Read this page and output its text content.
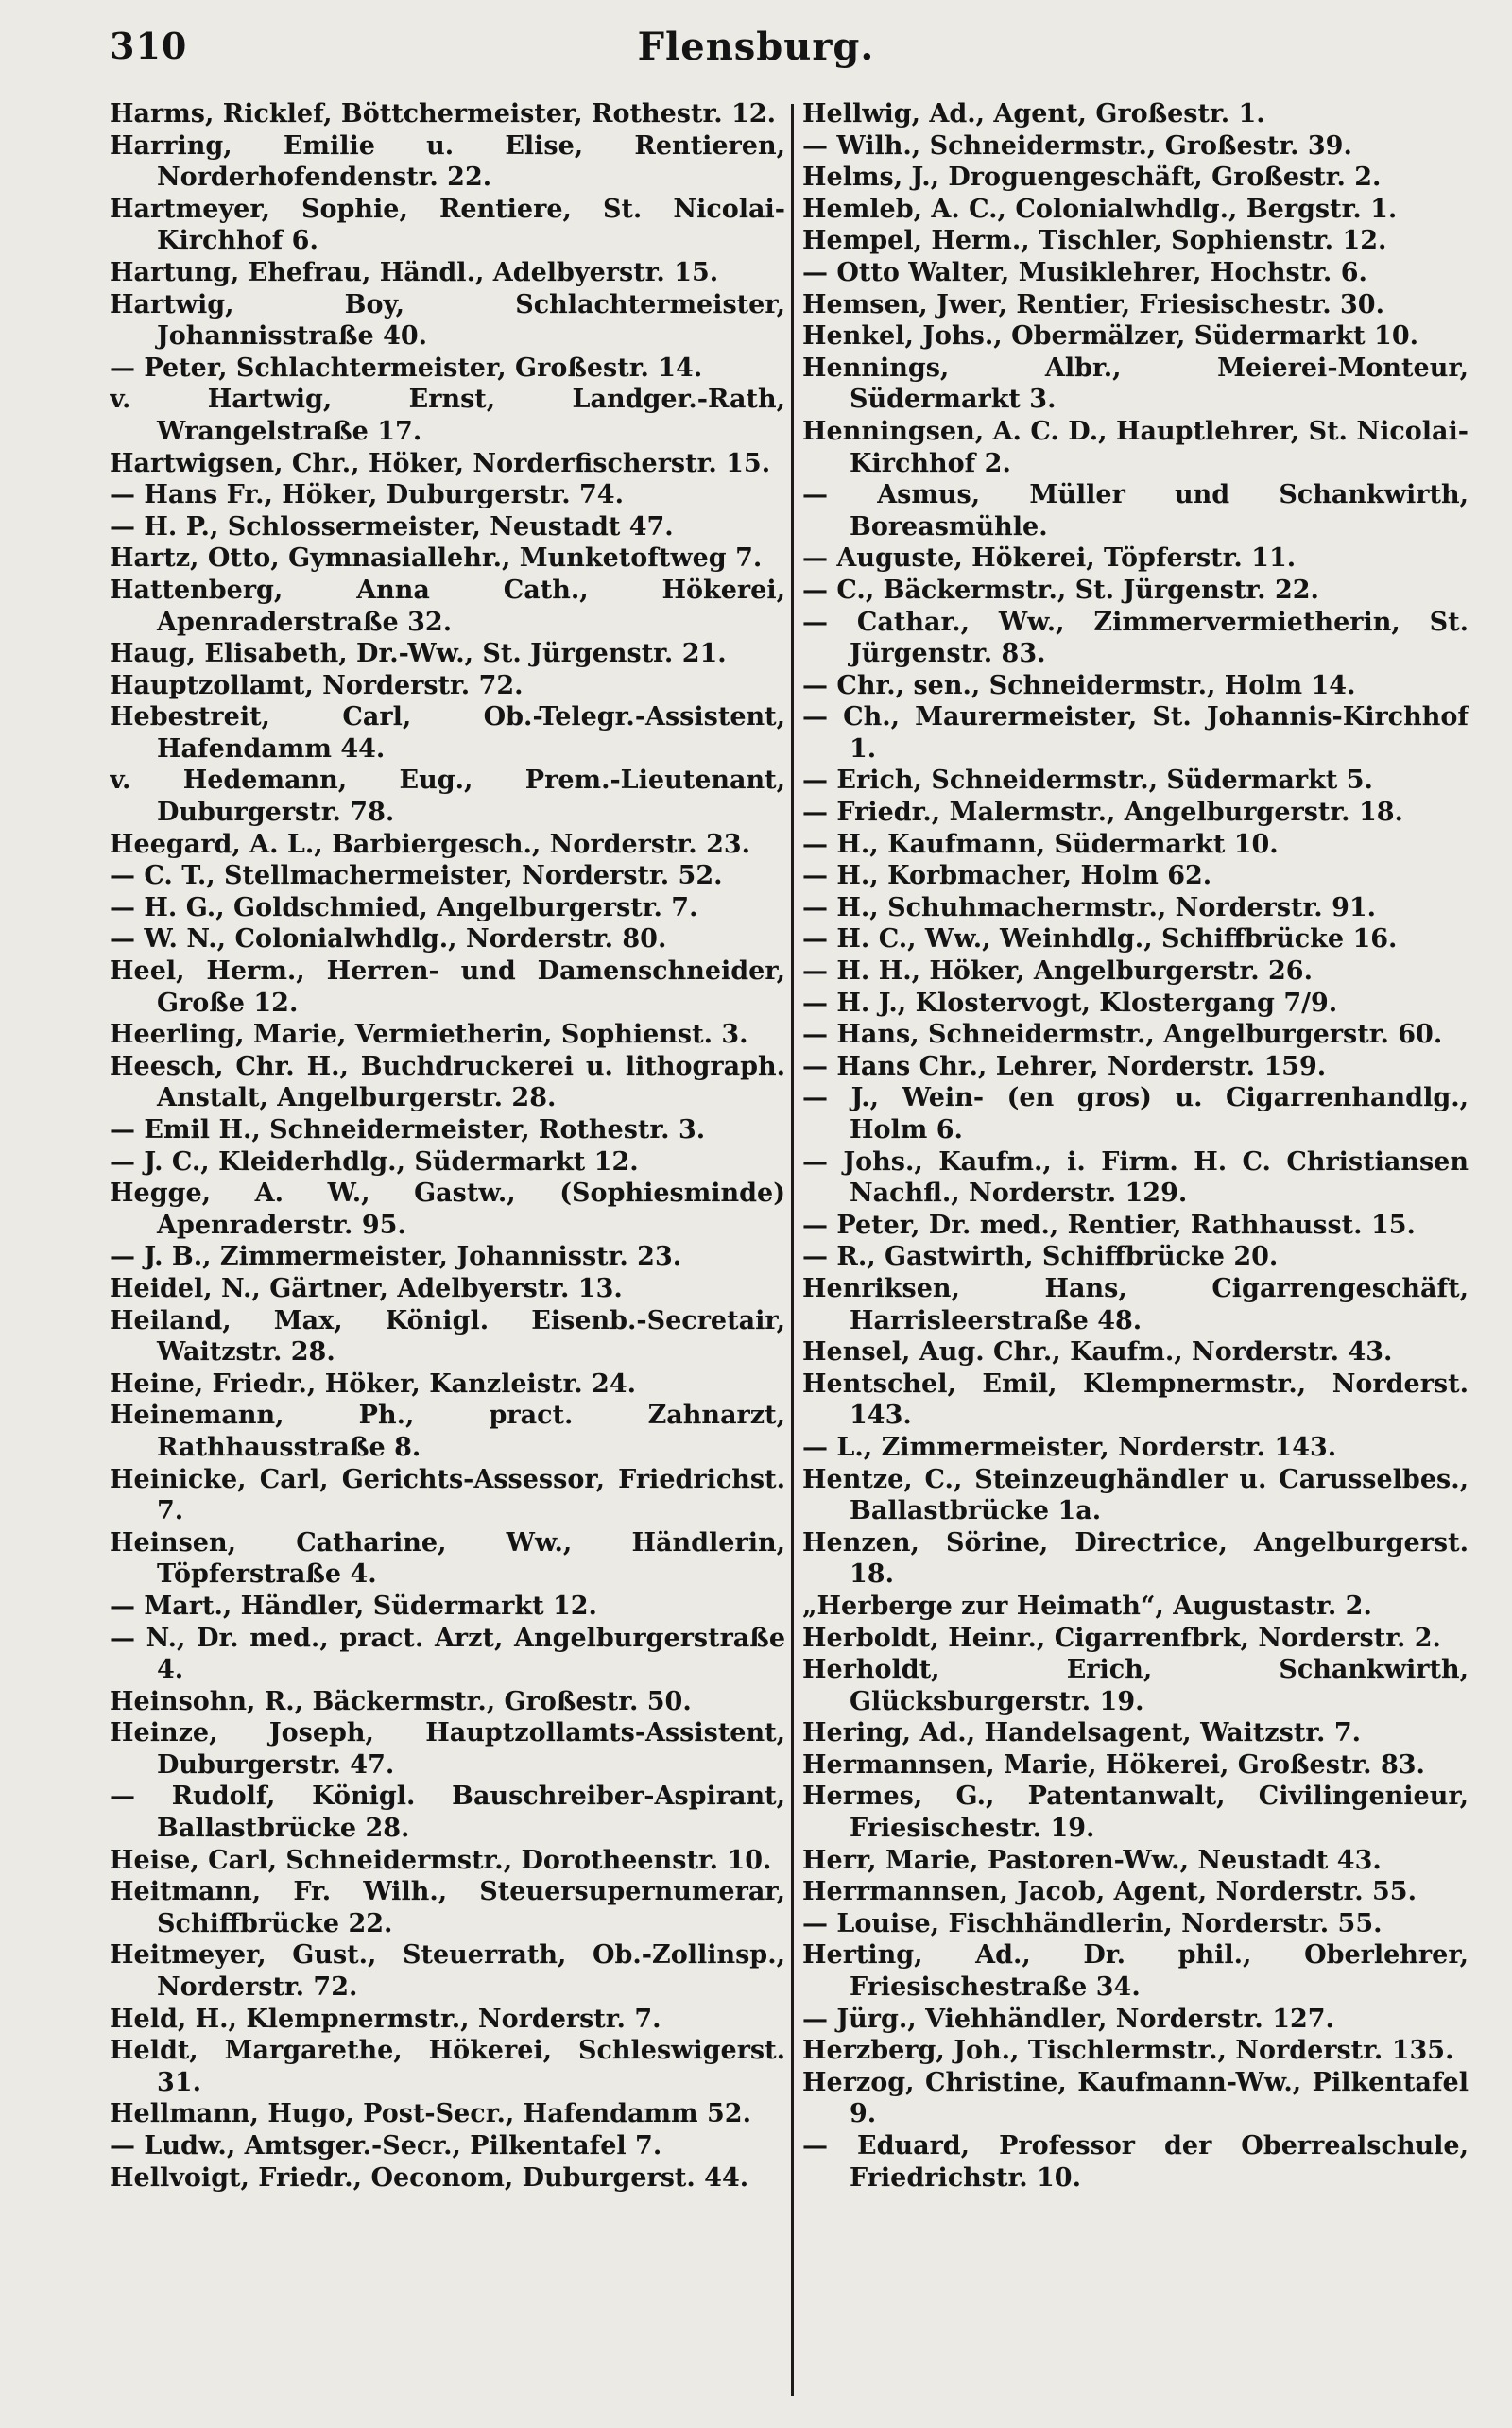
310	Flensburg.
Harms, Ricklef, Böttchermeister, Rothestr. 12.
Harring, Emilie u. Elise, Rentieren, Norderhofendenstr. 22.
Hartmeyer, Sophie, Rentiere, St. Nicolai-Kirchhof 6.
Hartung, Ehefrau, Händl., Adelbyerstr. 15.
Hartwig, Boy, Schlachtermeister, Johannisstraße 40.
— Peter, Schlachtermeister, Großestr. 14.
v. Hartwig, Ernst, Landger.-Rath, Wrangelstraße 17.
Hartwigsen, Chr., Höker, Norderfischerstr. 15.
— Hans Fr., Höker, Duburgerstr. 74.
— H. P., Schlossermeister, Neustadt 47.
Hartz, Otto, Gymnasiallehr., Munketoftweg 7.
Hattenberg, Anna Cath., Hökerei, Apenraderstraße 32.
Haug, Elisabeth, Dr.-Ww., St. Jürgenstr. 21.
Hauptzollamt, Norderstr. 72.
Hebestreit, Carl, Ob.-Telegr.-Assistent, Hafendamm 44.
v. Hedemann, Eug., Prem.-Lieutenant, Duburgerstr. 78.
Heegard, A. L., Barbiergesch., Norderstr. 23.
— C. T., Stellmachermeister, Norderstr. 52.
— H. G., Goldschmied, Angelburgerstr. 7.
— W. N., Colonialwhdlg., Norderstr. 80.
Heel, Herm., Herren- und Damenschneider, Große 12.
Heerling, Marie, Vermietherin, Sophienst. 3.
Heesch, Chr. H., Buchdruckerei u. lithograph. Anstalt, Angelburgerstr. 28.
— Emil H., Schneidermeister, Rothestr. 3.
— J. C., Kleiderhdlg., Südermarkt 12.
Hegge, A. W., Gastw., (Sophiesminde) Apenraderstr. 95.
— J. B., Zimmermeister, Johannisstr. 23.
Heidel, N., Gärtner, Adelbyerstr. 13.
Heiland, Max, Königl. Eisenb.-Secretair, Waitzstr. 28.
Heine, Friedr., Höker, Kanzleistr. 24.
Heinemann, Ph., pract. Zahnarzt, Rathhausstraße 8.
Heinicke, Carl, Gerichts-Assessor, Friedrichst. 7.
Heinsen, Catharine, Ww., Händlerin, Töpferstraße 4.
— Mart., Händler, Südermarkt 12.
— N., Dr. med., pract. Arzt, Angelburgerstraße 4.
Heinsohn, R., Bäckermstr., Großestr. 50.
Heinze, Joseph, Hauptzollamts-Assistent, Duburgerstr. 47.
— Rudolf, Königl. Bauschreiber-Aspirant, Ballastbrücke 28.
Heise, Carl, Schneidermstr., Dorotheenstr. 10.
Heitmann, Fr. Wilh., Steuersupernumerar, Schiffbrücke 22.
Heitmeyer, Gust., Steuerrath, Ob.-Zollinsp., Norderstr. 72.
Held, H., Klempnermstr., Norderstr. 7.
Heldt, Margarethe, Hökerei, Schleswigerst. 31.
Hellmann, Hugo, Post-Secr., Hafendamm 52.
— Ludw., Amtsger.-Secr., Pilkentafel 7.
Hellvoigt, Friedr., Oeconom, Duburgerst. 44.
Hellwig, Ad., Agent, Großestr. 1.
— Wilh., Schneidermstr., Großestr. 39.
Helms, J., Droguengeschäft, Großestr. 2.
Hemleb, A. C., Colonialwhdlg., Bergstr. 1.
Hempel, Herm., Tischler, Sophienstr. 12.
— Otto Walter, Musiklehrer, Hochstr. 6.
Hemsen, Jwer, Rentier, Friesischestr. 30.
Henkel, Johs., Obermälzer, Südermarkt 10.
Hennings, Albr., Meierei-Monteur, Südermarkt 3.
Henningsen, A. C. D., Hauptlehrer, St. Nicolai-Kirchhof 2.
— Asmus, Müller und Schankwirth, Boreasmühle.
— Auguste, Hökerei, Töpferstr. 11.
— C., Bäckermstr., St. Jürgenstr. 22.
— Cathar., Ww., Zimmervermietherin, St. Jürgenstr. 83.
— Chr., sen., Schneidermstr., Holm 14.
— Ch., Maurermeister, St. Johannis-Kirchhof 1.
— Erich, Schneidermstr., Südermarkt 5.
— Friedr., Malermstr., Angelburgerstr. 18.
— H., Kaufmann, Südermarkt 10.
— H., Korbmacher, Holm 62.
— H., Schuhmachermstr., Norderstr. 91.
— H. C., Ww., Weinhdlg., Schiffbrücke 16.
— H. H., Höker, Angelburgerstr. 26.
— H. J., Klostervogt, Klostergang 7/9.
— Hans, Schneidermstr., Angelburgerstr. 60.
— Hans Chr., Lehrer, Norderstr. 159.
— J., Wein- (en gros) u. Cigarrenhandlg., Holm 6.
— Johs., Kaufm., i. Firm. H. C. Christiansen Nachfl., Norderstr. 129.
— Peter, Dr. med., Rentier, Rathhausst. 15.
— R., Gastwirth, Schiffbrücke 20.
Henriksen, Hans, Cigarrengeschäft, Harrisleerstraße 48.
Hensel, Aug. Chr., Kaufm., Norderstr. 43.
Hentschel, Emil, Klempnermstr., Norderst. 143.
— L., Zimmermeister, Norderstr. 143.
Hentze, C., Steinzeughändler u. Carusselbes., Ballastbrücke 1a.
Henzen, Sörine, Directrice, Angelburgerst. 18.
„Herberge zur Heimath“, Augustastr. 2.
Herboldt, Heinr., Cigarrenfbrk, Norderstr. 2.
Herholdt, Erich, Schankwirth, Glücksburgerstr. 19.
Hering, Ad., Handelsagent, Waitzstr. 7.
Hermannsen, Marie, Hökerei, Großestr. 83.
Hermes, G., Patentanwalt, Civilingenieur, Friesischestr. 19.
Herr, Marie, Pastoren-Ww., Neustadt 43.
Herrmannsen, Jacob, Agent, Norderstr. 55.
— Louise, Fischhändlerin, Norderstr. 55.
Herting, Ad., Dr. phil., Oberlehrer, Friesischestraße 34.
— Jürg., Viehhändler, Norderstr. 127.
Herzberg, Joh., Tischlermstr., Norderstr. 135.
Herzog, Christine, Kaufmann-Ww., Pilkentafel 9.
— Eduard, Professor der Oberrealschule, Friedrichstr. 10.
